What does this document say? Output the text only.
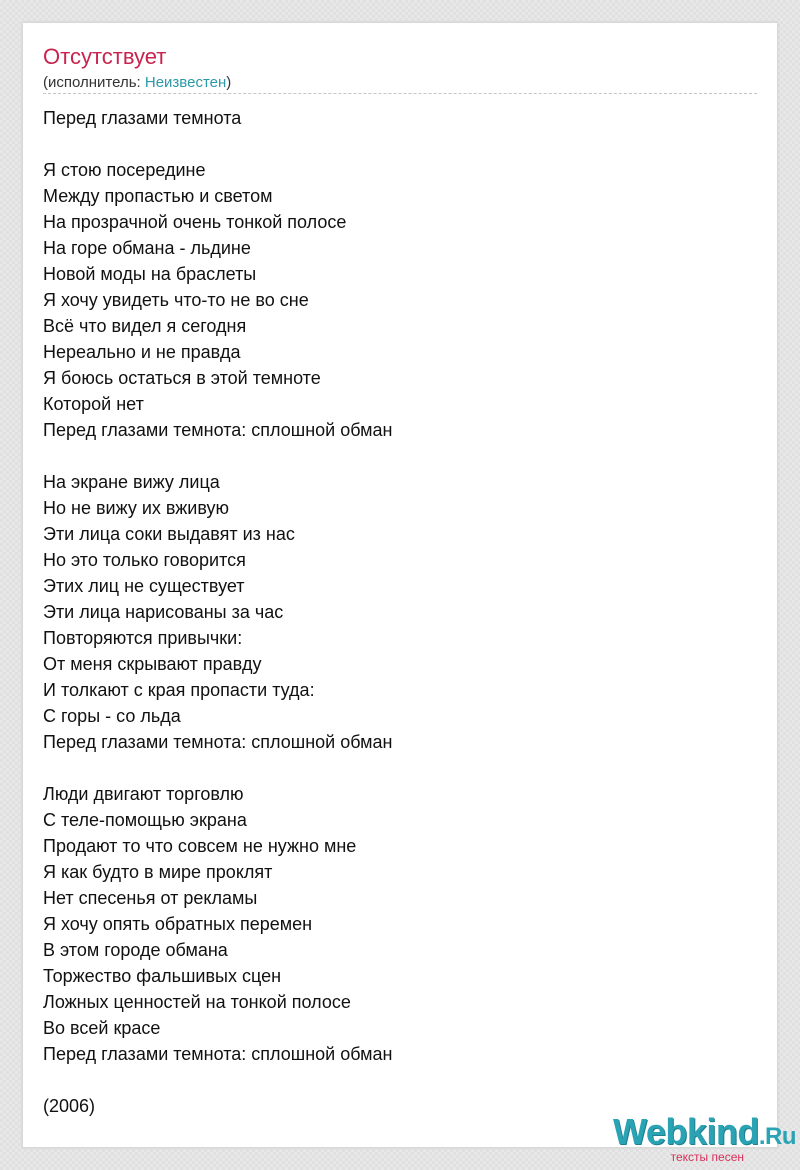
Отсутствует
(исполнитель: Неизвестен)
Перед глазами темнота
Я стою посередине
Между пропастью и светом
На прозрачной очень тонкой полосе
На горе обмана - льдине
Новой моды на браслеты
Я хочу увидеть что-то не во сне
Всё что видел я сегодня
Нереально и не правда
Я боюсь остаться в этой темноте
Которой нет
Перед глазами темнота: сплошной обман
На экране вижу лица
Но не вижу их вживую
Эти лица соки выдавят из нас
Но это только говорится
Этих лиц не существует
Эти лица нарисованы за час
Повторяются привычки:
От меня скрывают правду
И толкают с края пропасти туда:
С горы - со льда
Перед глазами темнота: сплошной обман
Люди двигают торговлю
С теле-помощью экрана
Продают то что совсем не нужно мне
Я как будто в мире проклят
Нет спесенья от рекламы
Я хочу опять обратных перемен
В этом городе обмана
Торжество фальшивых сцен
Ложных ценностей на тонкой полосе
Во всей красе
Перед глазами темнота: сплошной обман
(2006)
Webkind.Ru
тексты песен
